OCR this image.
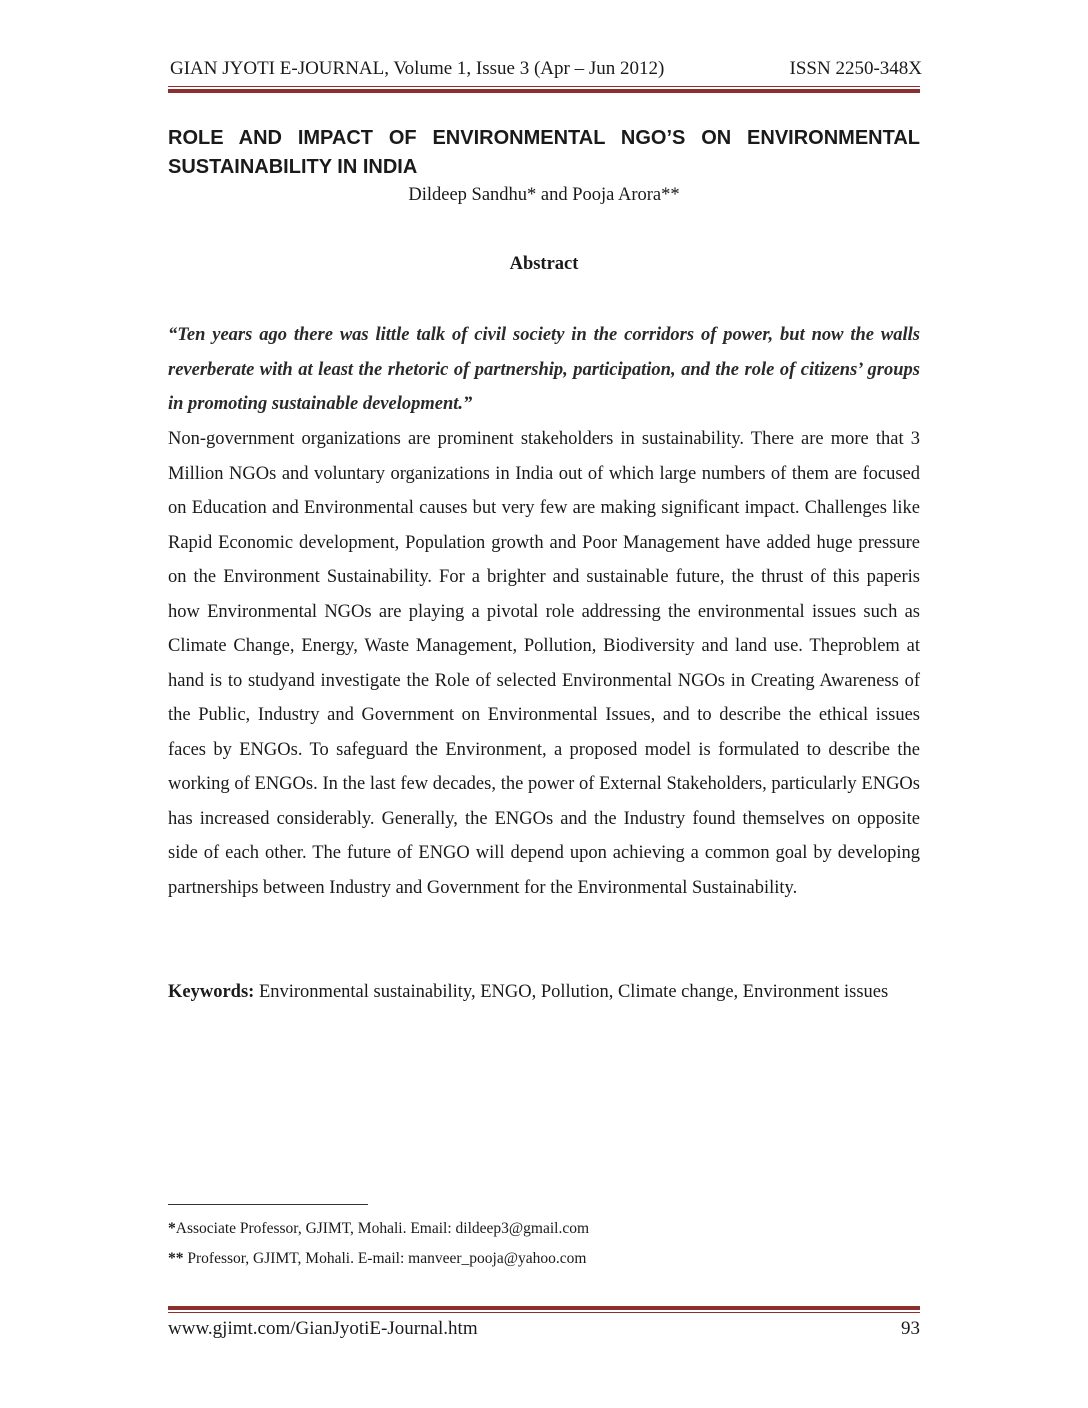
GIAN JYOTI E-JOURNAL, Volume 1, Issue 3 (Apr – Jun 2012)	ISSN 2250-348X
ROLE AND IMPACT OF ENVIRONMENTAL NGO’S ON ENVIRONMENTAL
SUSTAINABILITY IN INDIA
Dildeep Sandhu* and Pooja Arora**
Abstract

“Ten years ago there was little talk of civil society in the corridors of power, but now the walls reverberate with at least the rhetoric of partnership, participation, and the role of citizens’ groups in promoting sustainable development.”

Non-government organizations are prominent stakeholders in sustainability. There are more that 3 Million NGOs and voluntary organizations in India out of which large numbers of them are focused on Education and Environmental causes but very few are making significant impact. Challenges like Rapid Economic development, Population growth and Poor Management have added huge pressure on the Environment Sustainability. For a brighter and sustainable future, the thrust of this paperis how Environmental NGOs are playing a pivotal role addressing the environmental issues such as Climate Change, Energy, Waste Management, Pollution, Biodiversity and land use. Theproblem at hand is to studyand investigate the Role of selected Environmental NGOs in Creating Awareness of the Public, Industry and Government on Environmental Issues, and to describe the ethical issues faces by ENGOs. To safeguard the Environment, a proposed model is formulated to describe the working of ENGOs. In the last few decades, the power of External Stakeholders, particularly ENGOs has increased considerably. Generally, the ENGOs and the Industry found themselves on opposite side of each other. The future of ENGO will depend upon achieving a common goal by developing partnerships between Industry and Government for the Environmental Sustainability.

Keywords: Environmental sustainability, ENGO, Pollution, Climate change, Environment issues

*Associate Professor, GJIMT, Mohali. Email: dildeep3@gmail.com
** Professor, GJIMT, Mohali. E-mail: manveer_pooja@yahoo.com
www.gjimt.com/GianJyotiE-Journal.htm	93
